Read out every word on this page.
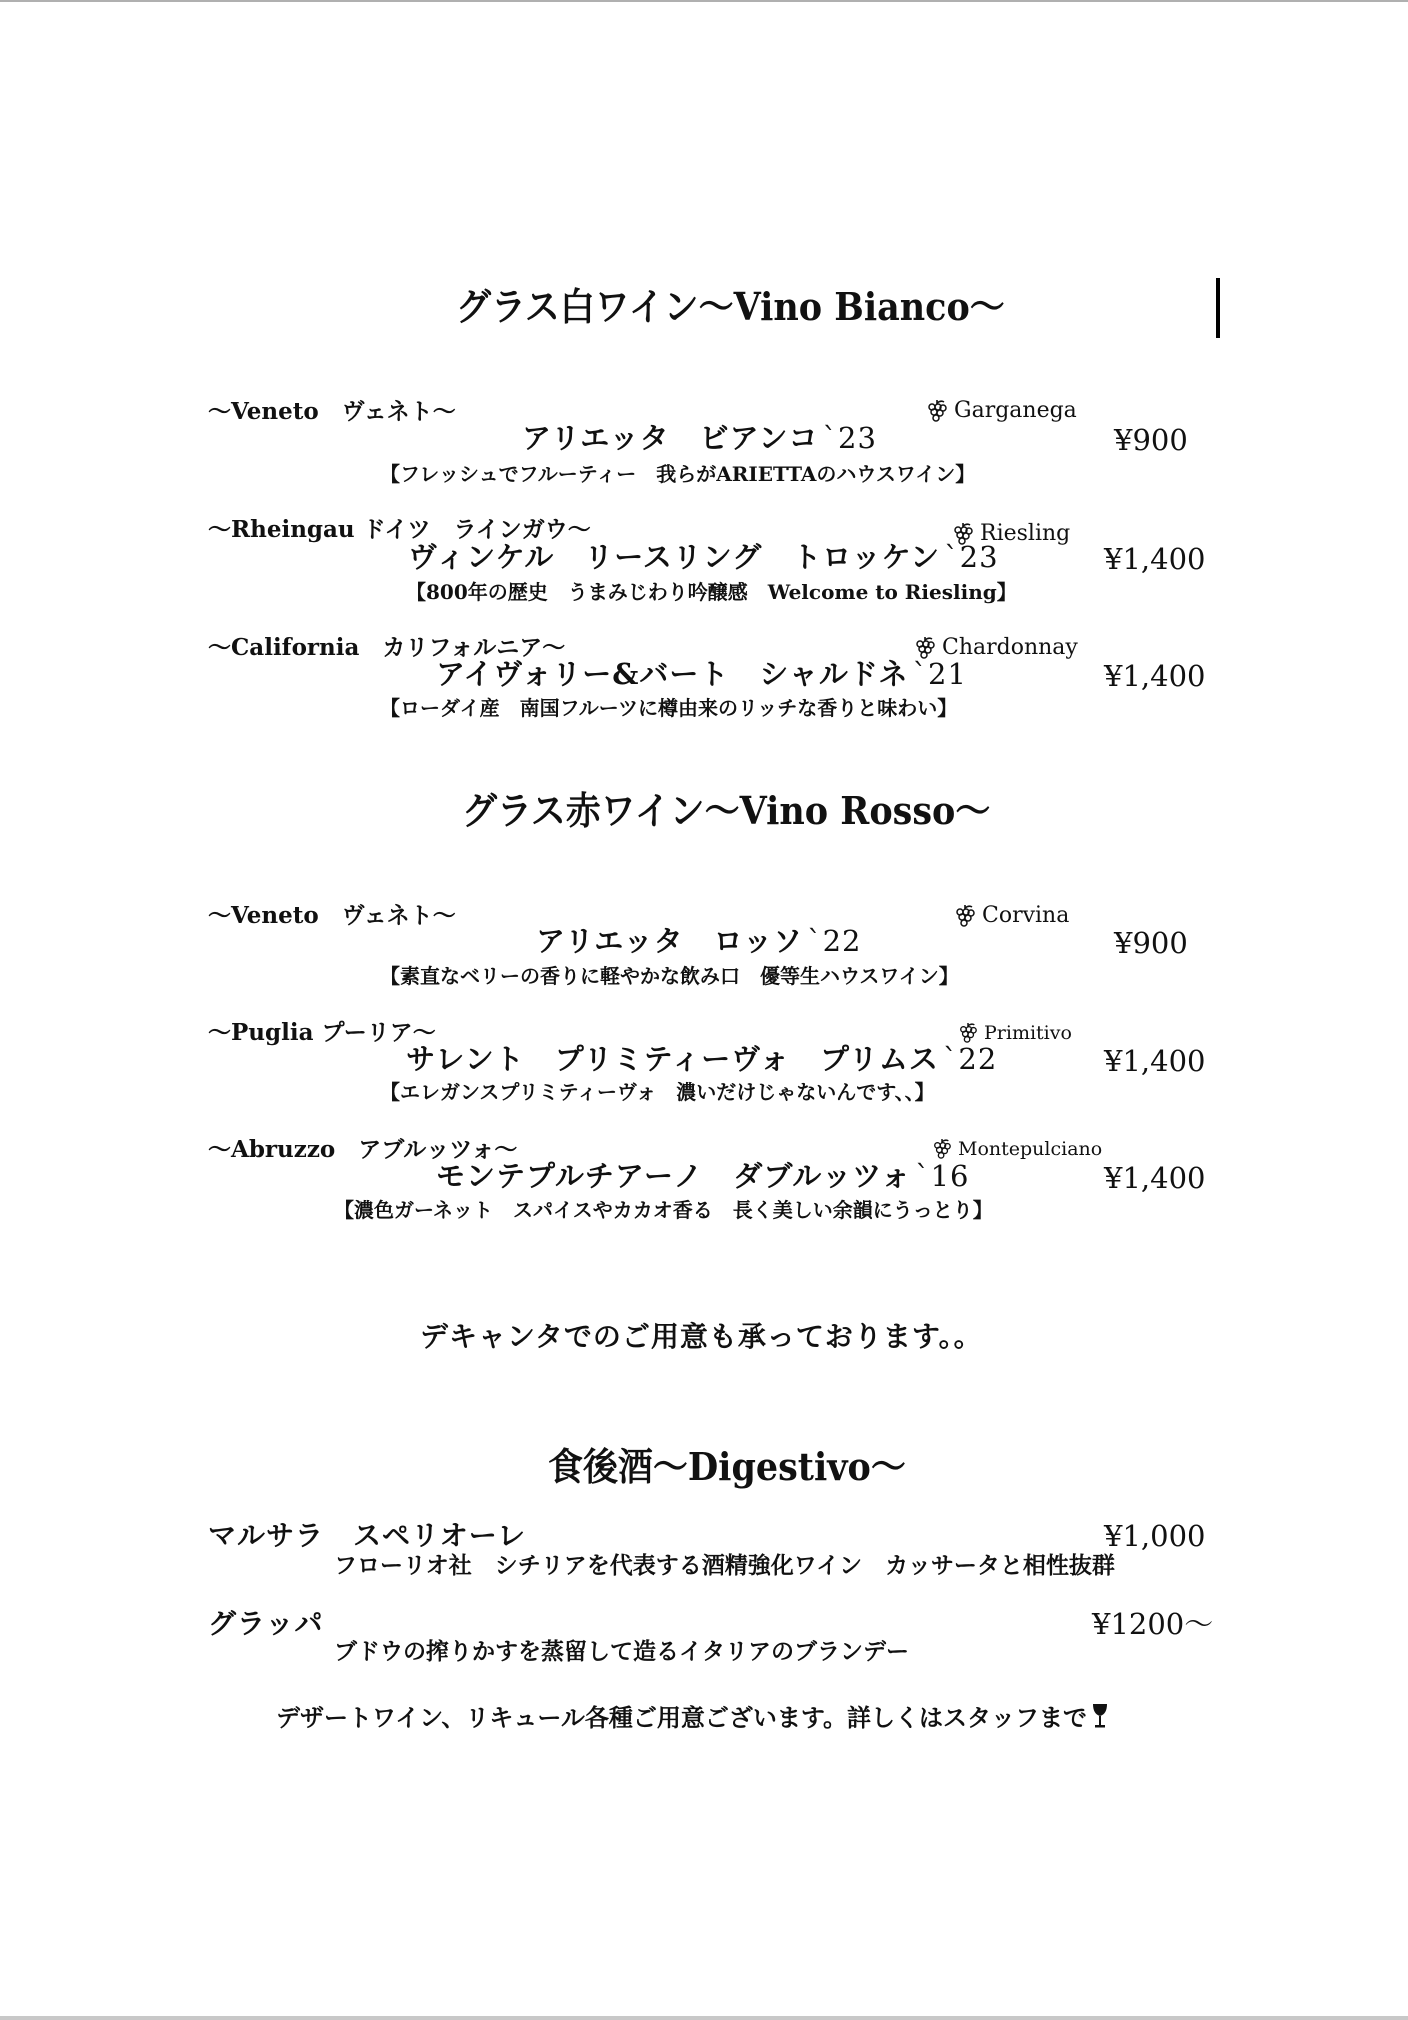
グラス白ワイン〜Vino Bianco〜
〜Veneto　ヴェネト〜	Garganega
アリエッタ　ビアンコ `23	¥900
【フレッシュでフルーティー　我らがARIETTAのハウスワイン】
〜Rheingau ドイツ　ラインガウ〜	Riesling
ヴィンケル　リースリング　トロッケン `23	¥1,400
【800年の歴史　うまみじわり吟醸感　Welcome to Riesling】
〜California　カリフォルニア〜	Chardonnay
アイヴォリー&バート　シャルドネ `21	¥1,400
【ローダイ産　南国フルーツに樽由来のリッチな香りと味わい】
グラス赤ワイン〜Vino Rosso〜
〜Veneto　ヴェネト〜	Corvina
アリエッタ　ロッソ `22	¥900
【素直なベリーの香りに軽やかな飲み口　優等生ハウスワイン】
〜Puglia プーリア〜	Primitivo
サレント　プリミティーヴォ　プリムス `22	¥1,400
【エレガンスプリミティーヴォ　濃いだけじゃないんです、、】
〜Abruzzo　アブルッツォ〜	Montepulciano
モンテプルチアーノ　ダブルッツォ `16	¥1,400
【濃色ガーネット　スパイスやカカオ香る　長く美しい余韻にうっとり】
デキャンタでのご用意も承っております。。
食後酒〜Digestivo〜
マルサラ　スペリオーレ	¥1,000
フローリオ社　シチリアを代表する酒精強化ワイン　カッサータと相性抜群
グラッパ	¥1200〜
ブドウの搾りかすを蒸留して造るイタリアのブランデー
デザートワイン、リキュール各種ご用意ございます。詳しくはスタッフまで
